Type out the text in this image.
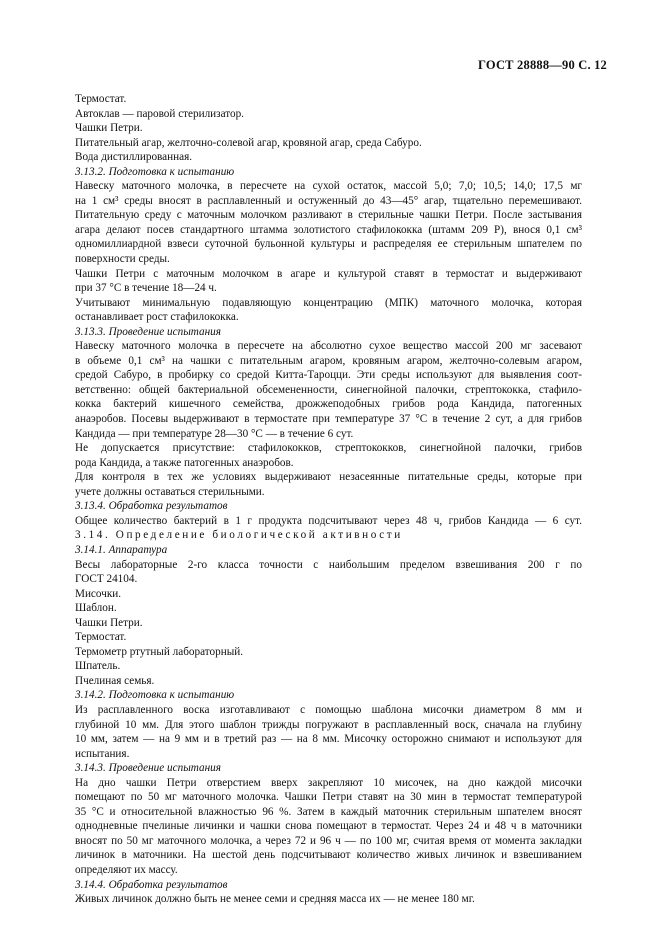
ГОСТ 28888—90 С. 12
Термостат.
Автоклав — паровой стерилизатор.
Чашки Петри.
Питательный агар, желточно-солевой агар, кровяной агар, среда Сабуро.
Вода дистиллированная.
3.13.2. Подготовка к испытанию
Навеску маточного молочка, в пересчете на сухой остаток, массой 5,0; 7,0; 10,5; 14,0; 17,5 мг
на 1 см³ среды вносят в расплавленный и остуженный до 43—45° агар, тщательно перемешивают.
Питательную среду с маточным молочком разливают в стерильные чашки Петри. После застывания
агара делают посев стандартного штамма золотистого стафилококка (штамм 209 Р), внося 0,1 см³
одномиллиардной взвеси суточной бульонной культуры и распределяя ее стерильным шпателем по
поверхности среды.
Чашки Петри с маточным молочком в агаре и культурой ставят в термостат и выдерживают
при 37 °С в течение 18—24 ч.
Учитывают минимальную подавляющую концентрацию (МПК) маточного молочка, которая
останавливает рост стафилококка.
3.13.3. Проведение испытания
Навеску маточного молочка в пересчете на абсолютно сухое вещество массой 200 мг засевают
в объеме 0,1 см³ на чашки с питательным агаром, кровяным агаром, желточно-солевым агаром,
средой Сабуро, в пробирку со средой Китта-Тароцци. Эти среды используют для выявления соот-
ветственно: общей бактериальной обсемененности, синегнойной палочки, стрептококка, стафило-
кокка бактерий кишечного семейства, дрожжеподобных грибов рода Кандида, патогенных
анаэробов. Посевы выдерживают в термостате при температуре 37 °С в течение 2 сут, а для грибов
Кандида — при температуре 28—30 °С — в течение 6 сут.
Не допускается присутствие: стафилококков, стрептококков, синегнойной палочки, грибов
рода Кандида, а также патогенных анаэробов.
Для контроля в тех же условиях выдерживают незасеянные питательные среды, которые при
учете должны оставаться стерильными.
3.13.4. Обработка результатов
Общее количество бактерий в 1 г продукта подсчитывают через 48 ч, грибов Кандида — 6 сут.
3.14. Определение биологической активности
3.14.1. Аппаратура
Весы лабораторные 2-го класса точности с наибольшим пределом взвешивания 200 г по
ГОСТ 24104.
Мисочки.
Шаблон.
Чашки Петри.
Термостат.
Термометр ртутный лабораторный.
Шпатель.
Пчелиная семья.
3.14.2. Подготовка к испытанию
Из расплавленного воска изготавливают с помощью шаблона мисочки диаметром 8 мм и
глубиной 10 мм. Для этого шаблон трижды погружают в расплавленный воск, сначала на глубину
10 мм, затем — на 9 мм и в третий раз — на 8 мм. Мисочку осторожно снимают и используют для
испытания.
3.14.3. Проведение испытания
На дно чашки Петри отверстием вверх закрепляют 10 мисочек, на дно каждой мисочки
помещают по 50 мг маточного молочка. Чашки Петри ставят на 30 мин в термостат температурой
35 °С и относительной влажностью 96 %. Затем в каждый маточник стерильным шпателем вносят
однодневные пчелиные личинки и чашки снова помещают в термостат. Через 24 и 48 ч в маточники
вносят по 50 мг маточного молочка, а через 72 и 96 ч — по 100 мг, считая время от момента закладки
личинок в маточники. На шестой день подсчитывают количество живых личинок и взвешиванием
определяют их массу.
3.14.4. Обработка результатов
Живых личинок должно быть не менее семи и средняя масса их — не менее 180 мг.
